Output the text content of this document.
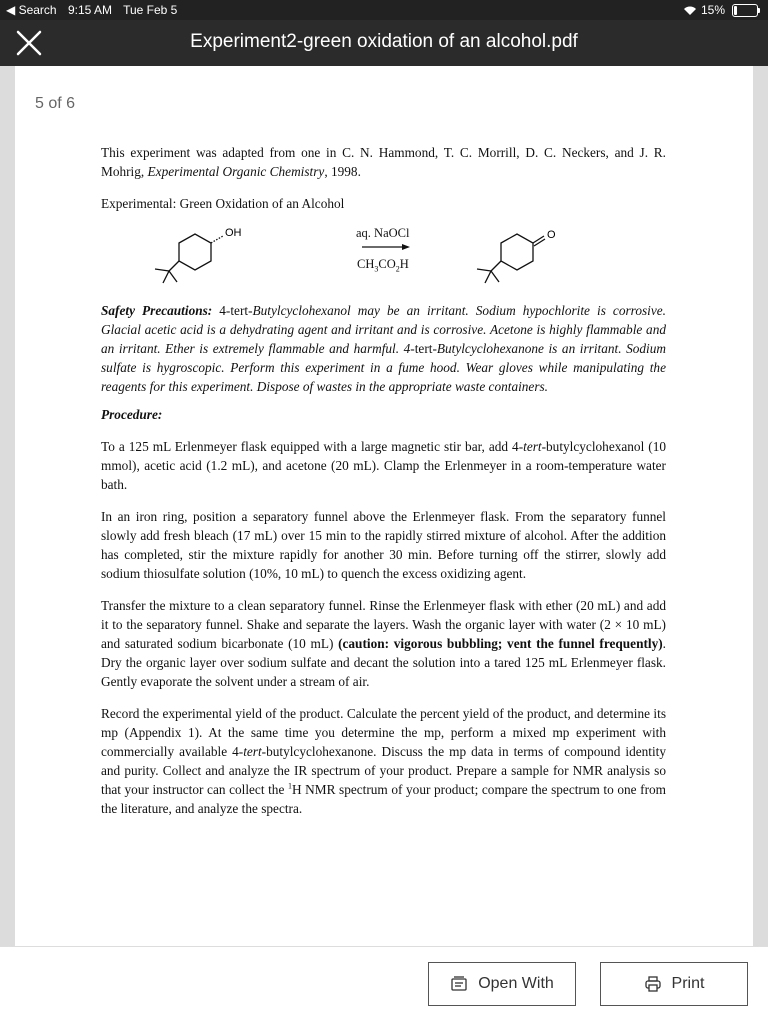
◀ Search 9:15 AM Tue Feb 5	15%
Experiment2-green oxidation of an alcohol.pdf
5 of 6

This experiment was adapted from one in C. N. Hammond, T. C. Morrill, D. C. Neckers, and J. R. Mohrig, Experimental Organic Chemistry, 1998.

Experimental: Green Oxidation of an Alcohol

OH	aq. NaOCl
$CH_3CO_2H$
O

Safety Precautions: 4-tert-Butylcyclohexanol may be an irritant. Sodium hypochlorite is corrosive. Glacial acetic acid is a dehydrating agent and irritant and is corrosive. Acetone is highly flammable and an irritant. Ether is extremely flammable and harmful. 4-tert-Butylcyclohexanone is an irritant. Sodium sulfate is hygroscopic. Perform this experiment in a fume hood. Wear gloves while manipulating the reagents for this experiment. Dispose of wastes in the appropriate waste containers.

Procedure:

To a 125 mL Erlenmeyer flask equipped with a large magnetic stir bar, add 4-tert-butylcyclohexanol (10 mmol), acetic acid (1.2 mL), and acetone (20 mL). Clamp the Erlenmeyer in a room-temperature water bath.

In an iron ring, position a separatory funnel above the Erlenmeyer flask. From the separatory funnel slowly add fresh bleach (17 mL) over 15 min to the rapidly stirred mixture of alcohol. After the addition has completed, stir the mixture rapidly for another 30 min. Before turning off the stirrer, slowly add sodium thiosulfate solution (10%, 10 mL) to quench the excess oxidizing agent.

Transfer the mixture to a clean separatory funnel. Rinse the Erlenmeyer flask with ether (20 mL) and add it to the separatory funnel. Shake and separate the layers. Wash the organic layer with water (2 × 10 mL) and saturated sodium bicarbonate (10 mL) (caution: vigorous bubbling; vent the funnel frequently). Dry the organic layer over sodium sulfate and decant the solution into a tared 125 mL Erlenmeyer flask. Gently evaporate the solvent under a stream of air.

Record the experimental yield of the product. Calculate the percent yield of the product, and determine its mp (Appendix 1). At the same time you determine the mp, perform a mixed mp experiment with commercially available 4-tert-butylcyclohexanone. Discuss the mp data in terms of compound identity and purity. Collect and analyze the IR spectrum of your product. Prepare a sample for NMR analysis so that your instructor can collect the $^1$H NMR spectrum of your product; compare the spectrum to one from the literature, and analyze the spectra.

Open With	Print
